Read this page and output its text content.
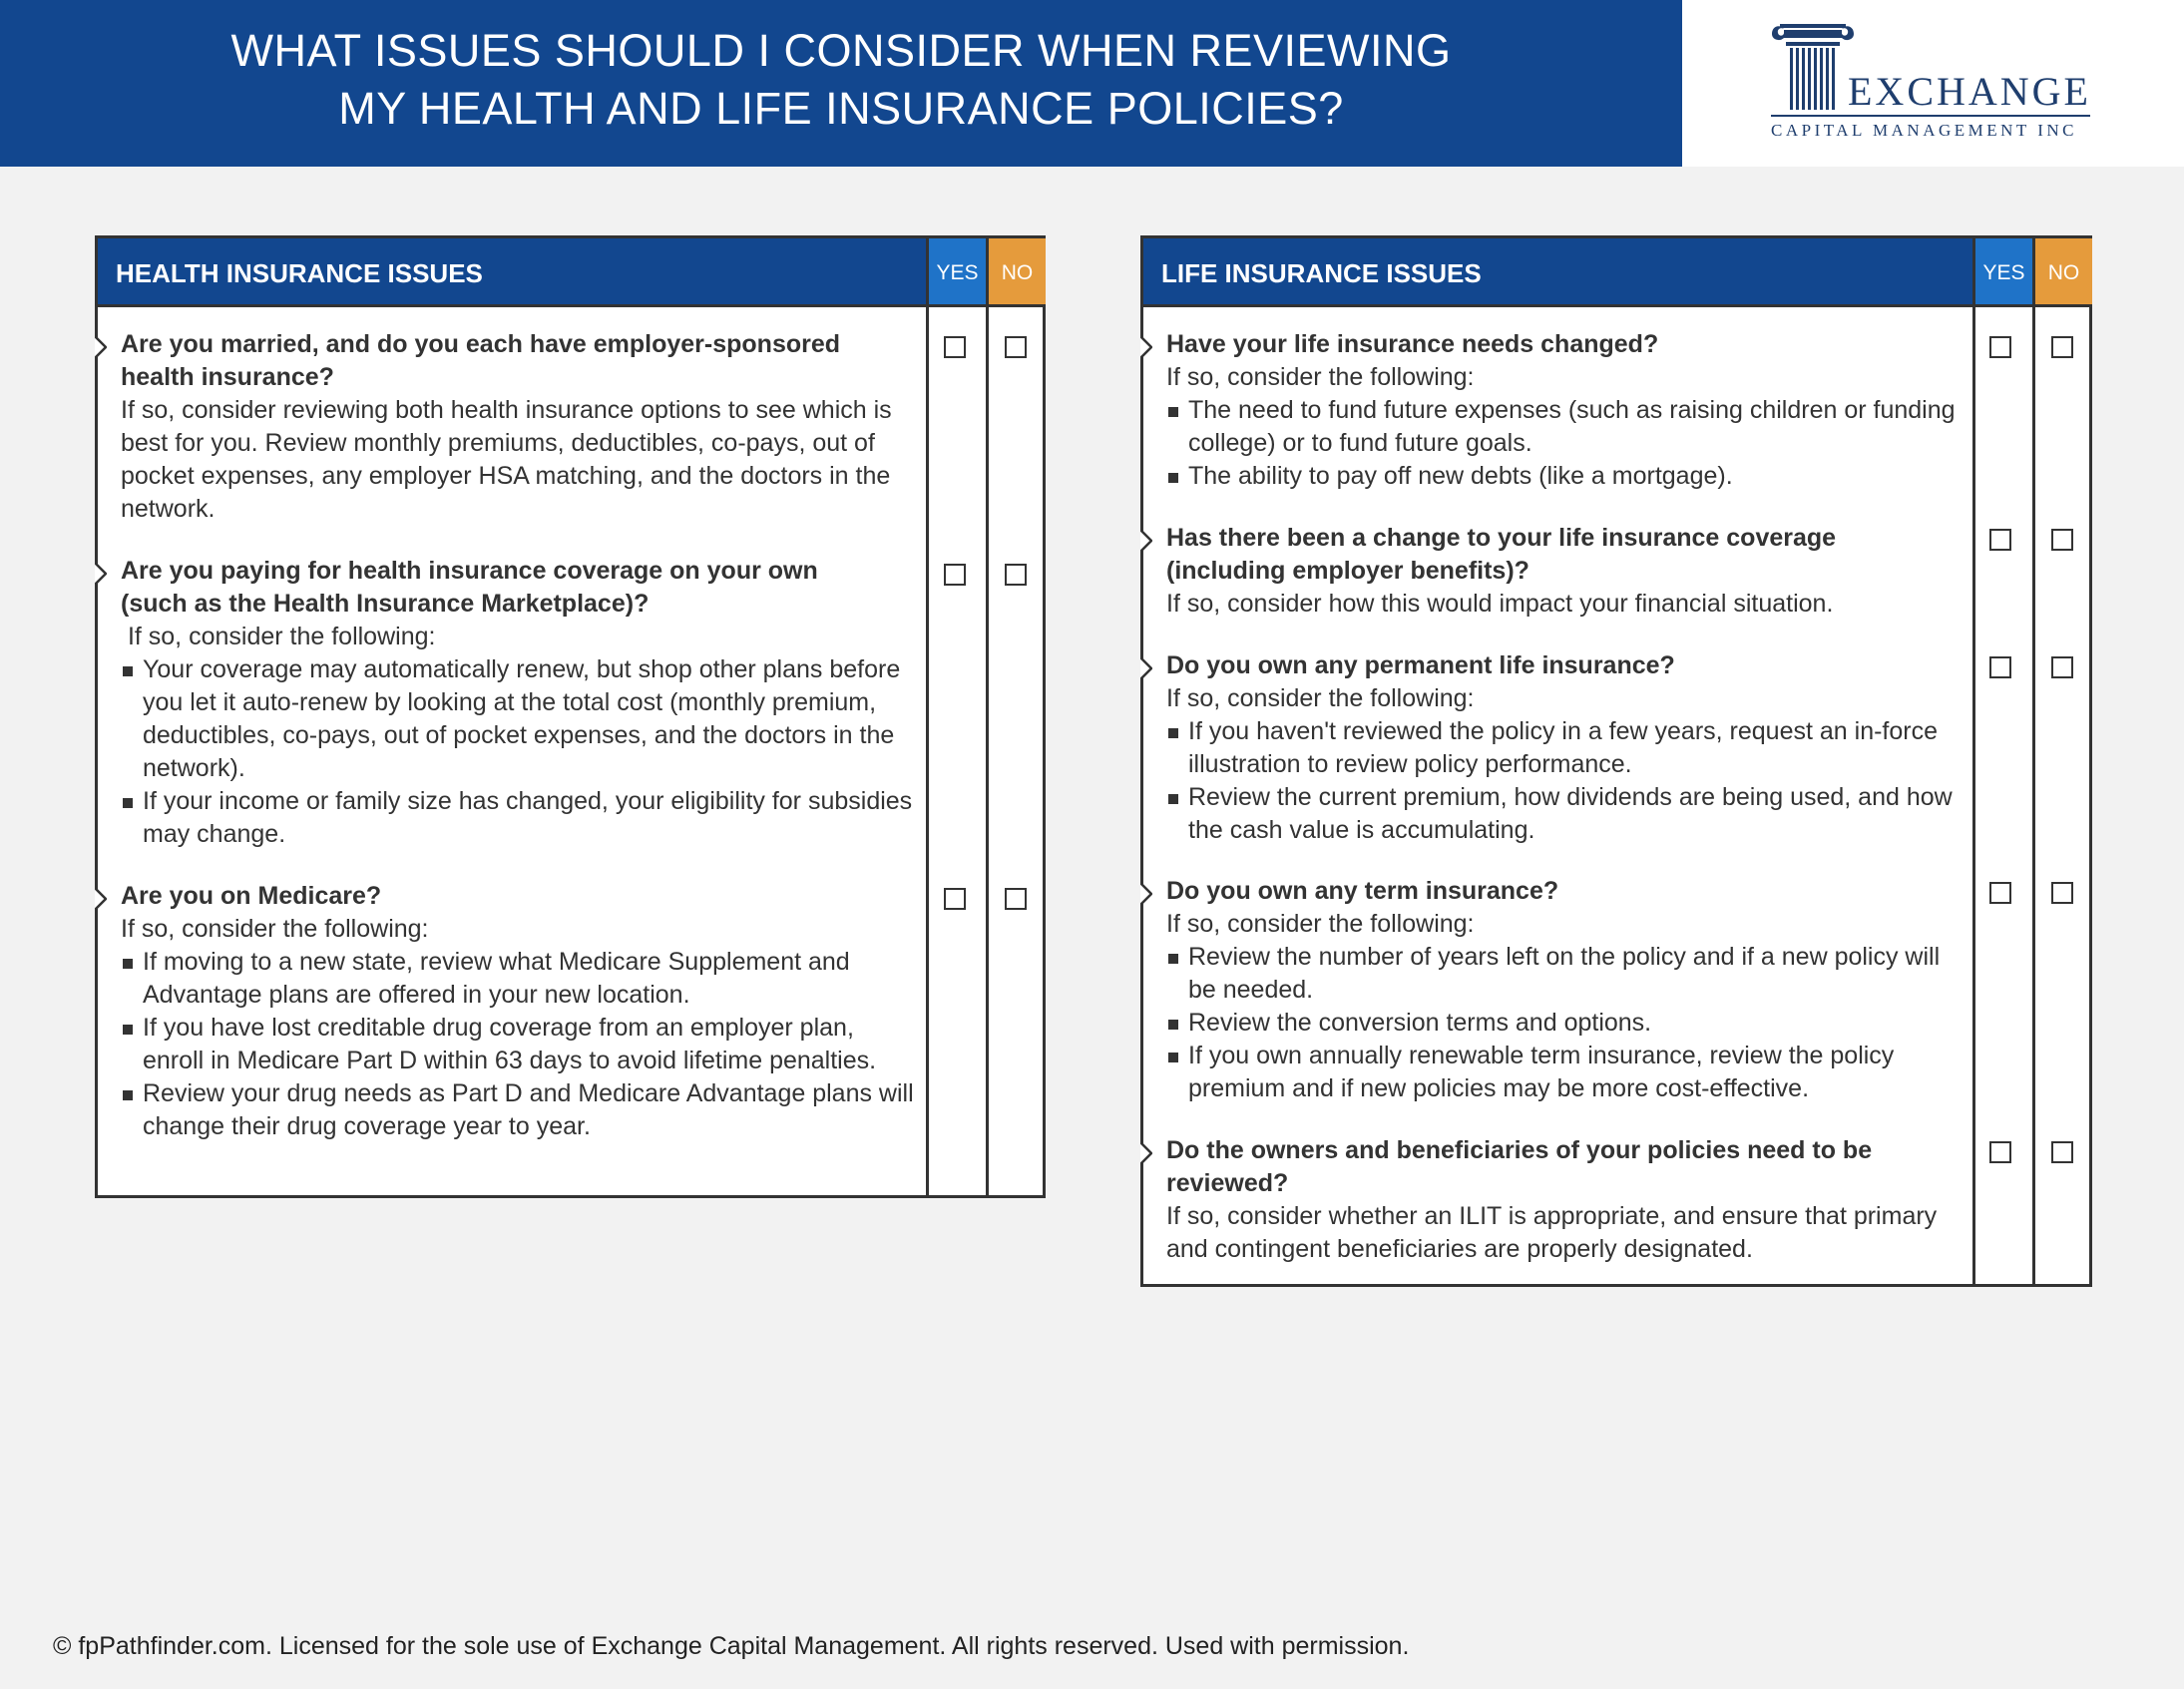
WHAT ISSUES SHOULD I CONSIDER WHEN REVIEWING
MY HEALTH AND LIFE INSURANCE POLICIES?	EXCHANGE
CAPITAL MANAGEMENT INC
HEALTH INSURANCE ISSUES	YES	NO
Are you married, and do you each have employer-sponsored
health insurance?
If so, consider reviewing both health insurance options to see which is best for you. Review monthly premiums, deductibles, co-pays, out of pocket expenses, any employer HSA matching, and the doctors in the network.
Are you paying for health insurance coverage on your own
(such as the Health Insurance Marketplace)?
If so, consider the following:
Your coverage may automatically renew, but shop other plans before you let it auto-renew by looking at the total cost (monthly premium, deductibles, co-pays, out of pocket expenses, and the doctors in the network).
If your income or family size has changed, your eligibility for subsidies may change.
Are you on Medicare?
If so, consider the following:
If moving to a new state, review what Medicare Supplement and Advantage plans are offered in your new location.
If you have lost creditable drug coverage from an employer plan, enroll in Medicare Part D within 63 days to avoid lifetime penalties.
Review your drug needs as Part D and Medicare Advantage plans will change their drug coverage year to year.
LIFE INSURANCE ISSUES	YES	NO
Have your life insurance needs changed?
If so, consider the following:
The need to fund future expenses (such as raising children or funding college) or to fund future goals.
The ability to pay off new debts (like a mortgage).
Has there been a change to your life insurance coverage
(including employer benefits)?
If so, consider how this would impact your financial situation.
Do you own any permanent life insurance?
If so, consider the following:
If you haven't reviewed the policy in a few years, request an in-force illustration to review policy performance.
Review the current premium, how dividends are being used, and how the cash value is accumulating.
Do you own any term insurance?
If so, consider the following:
Review the number of years left on the policy and if a new policy will be needed.
Review the conversion terms and options.
If you own annually renewable term insurance, review the policy premium and if new policies may be more cost-effective.
Do the owners and beneficiaries of your policies need to be
reviewed?
If so, consider whether an ILIT is appropriate, and ensure that primary and contingent beneficiaries are properly designated.
© fpPathfinder.com. Licensed for the sole use of Exchange Capital Management. All rights reserved. Used with permission.
